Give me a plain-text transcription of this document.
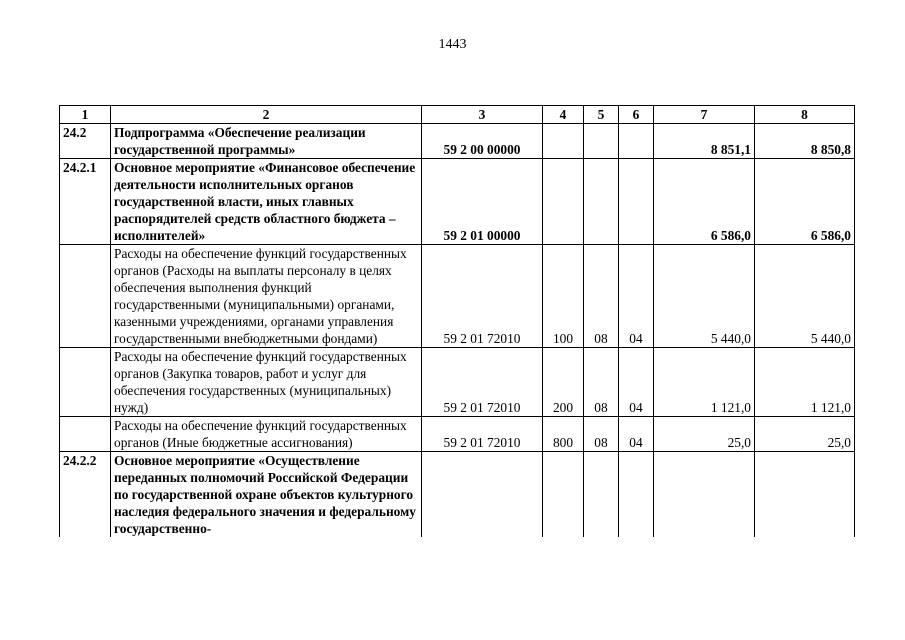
1443
1	2	3	4	5	6	7	8
24.2	Подпрограмма «Обеспечение реализации государственной программы»	59 2 00 00000				8 851,1	8 850,8
24.2.1	Основное мероприятие «Финансовое обеспечение деятельности исполнительных органов государственной власти, иных главных распорядителей средств областного бюджета – исполнителей»	59 2 01 00000				6 586,0	6 586,0
	Расходы на обеспечение функций государственных органов (Расходы на выплаты персоналу в целях обеспечения выполнения функций государственными (муниципальными) органами, казенными учреждениями, органами управления государственными внебюджетными фондами)	59 2 01 72010	100	08	04	5 440,0	5 440,0
	Расходы на обеспечение функций государственных органов (Закупка товаров, работ и услуг для обеспечения государственных (муниципальных) нужд)	59 2 01 72010	200	08	04	1 121,0	1 121,0
	Расходы на обеспечение функций государственных органов (Иные бюджетные ассигнования)	59 2 01 72010	800	08	04	25,0	25,0
24.2.2	Основное мероприятие «Осуществление переданных полномочий Российской Федерации по государственной охране объектов культурного наследия федерального значения и федеральному государственно-						
